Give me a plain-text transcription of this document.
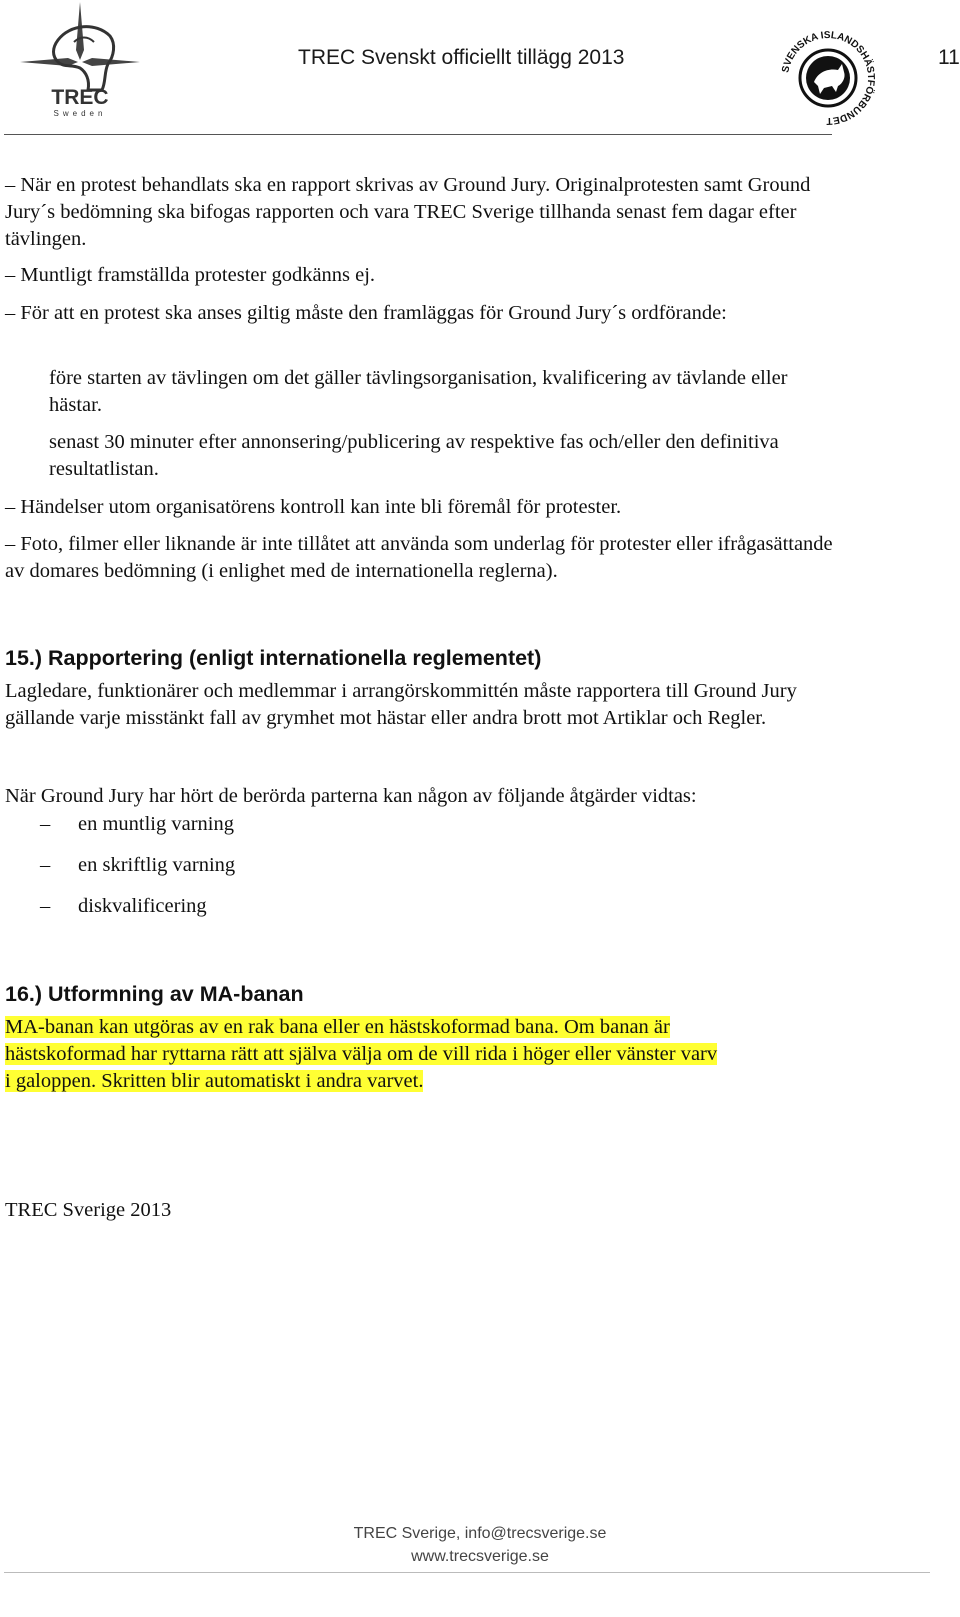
TREC
Sweden
TREC Svenskt officiellt tillägg 2013	11
SVENSKA ISLANDSHÄSTFÖRBUNDET
– När en protest behandlats ska en rapport skrivas av Ground Jury. Originalprotesten samt Ground Jury´s bedömning ska bifogas rapporten och vara TREC Sverige tillhanda senast fem dagar efter tävlingen.
– Muntligt framställda protester godkänns ej.
– För att en protest ska anses giltig måste den framläggas för Ground Jury´s ordförande:
före starten av tävlingen om det gäller tävlingsorganisation, kvalificering av tävlande eller hästar.
senast 30 minuter efter annonsering/publicering av respektive fas och/eller den definitiva resultatlistan.
– Händelser utom organisatörens kontroll kan inte bli föremål för protester.
– Foto, filmer eller liknande är inte tillåtet att använda som underlag för protester eller ifrågasättande av domares bedömning (i enlighet med de internationella reglerna).
15.) Rapportering (enligt internationella reglementet)
Lagledare, funktionärer och medlemmar i arrangörskommittén måste rapportera till Ground Jury gällande varje misstänkt fall av grymhet mot hästar eller andra brott mot Artiklar och Regler.
När Ground Jury har hört de berörda parterna kan någon av följande åtgärder vidtas:
– en muntlig varning
– en skriftlig varning
– diskvalificering
16.) Utformning av MA-banan
MA-banan kan utgöras av en rak bana eller en hästskoformad bana. Om banan är
hästskoformad har ryttarna rätt att själva välja om de vill rida i höger eller vänster varv
i galoppen. Skritten blir automatiskt i andra varvet.
TREC Sverige 2013
TREC Sverige, info@trecsverige.se
www.trecsverige.se
